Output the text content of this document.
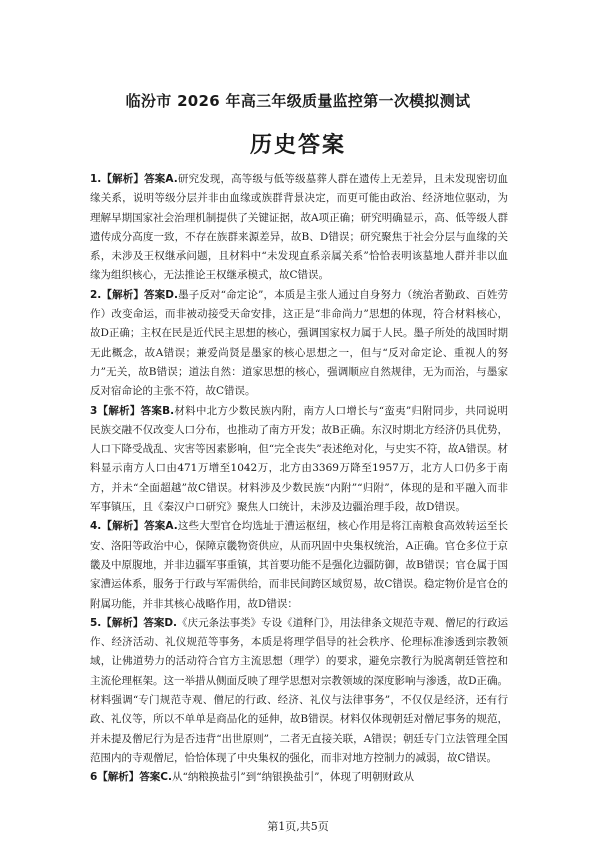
临汾市 2026 年高三年级质量监控第一次模拟测试
历史答案

1.【解析】答案A.研究发现，高等级与低等级墓葬人群在遗传上无差异，且未发现密切血缘关系，说明等级分层并非由血缘或族群背景决定，而更可能由政治、经济地位驱动，为理解早期国家社会治理机制提供了关键证据，故A项正确；研究明确显示，高、低等级人群遗传成分高度一致，不存在族群来源差异，故B、D错误；研究聚焦于社会分层与血缘的关系，未涉及王权继承问题，且材料中“未发现直系亲属关系”恰恰表明该墓地人群并非以血缘为组织核心，无法推论王权继承模式，故C错误。

2.【解析】答案D.墨子反对“命定论”，本质是主张人通过自身努力（统治者勤政、百姓劳作）改变命运，而非被动接受天命安排，这正是“非命尚力”思想的体现，符合材料核心，故D正确；主权在民是近代民主思想的核心，强调国家权力属于人民。墨子所处的战国时期无此概念，故A错误；兼爱尚贤是墨家的核心思想之一，但与“反对命定论、重视人的努力”无关，故B错误；道法自然：道家思想的核心，强调顺应自然规律，无为而治，与墨家反对宿命论的主张不符，故C错误。

3【解析】答案B.材料中北方少数民族内附，南方人口增长与“蛮夷”归附同步，共同说明民族交融不仅改变人口分布，也推动了南方开发；故B正确。东汉时期北方经济仍具优势，人口下降受战乱、灾害等因素影响，但“完全丧失”表述绝对化，与史实不符，故A错误。材料显示南方人口由471万增至1042万，北方由3369万降至1957万，北方人口仍多于南方，并未“全面超越”故C错误。材料涉及少数民族“内附”“归附”，体现的是和平融入而非军事镇压，且《秦汉户口研究》聚焦人口统计，未涉及边疆治理手段，故D错误。

4.【解析】答案A.这些大型官仓均选址于漕运枢纽，核心作用是将江南粮食高效转运至长安、洛阳等政治中心，保障京畿物资供应，从而巩固中央集权统治，A正确。官仓多位于京畿及中原腹地，并非边疆军事重镇，其首要功能不是强化边疆防御，故B错误；官仓属于国家漕运体系，服务于行政与军需供给，而非民间跨区域贸易，故C错误。稳定物价是官仓的附属功能，并非其核心战略作用，故D错误：

5.【解析】答案D.《庆元条法事类》专设《道释门》，用法律条文规范寺观、僧尼的行政运作、经济活动、礼仪规范等事务，本质是将理学倡导的社会秩序、伦理标准渗透到宗教领域，让佛道势力的活动符合官方主流思想（理学）的要求，避免宗教行为脱离朝廷管控和主流伦理框架。这一举措从侧面反映了理学思想对宗教领域的深度影响与渗透，故D正确。材料强调“专门规范寺观、僧尼的行政、经济、礼仪与法律事务”，不仅仅是经济，还有行政、礼仪等，所以不单单是商品化的延伸，故B错误。材料仅体现朝廷对僧尼事务的规范，并未提及僧尼行为是否违背“出世原则”，二者无直接关联，A错误；朝廷专门立法管理全国范围内的寺观僧尼，恰恰体现了中央集权的强化，而非对地方控制力的减弱，故C错误。

6【解析】答案C.从“纳粮换盐引”到“纳银换盐引”，体现了明朝财政从

第1页,共5页
